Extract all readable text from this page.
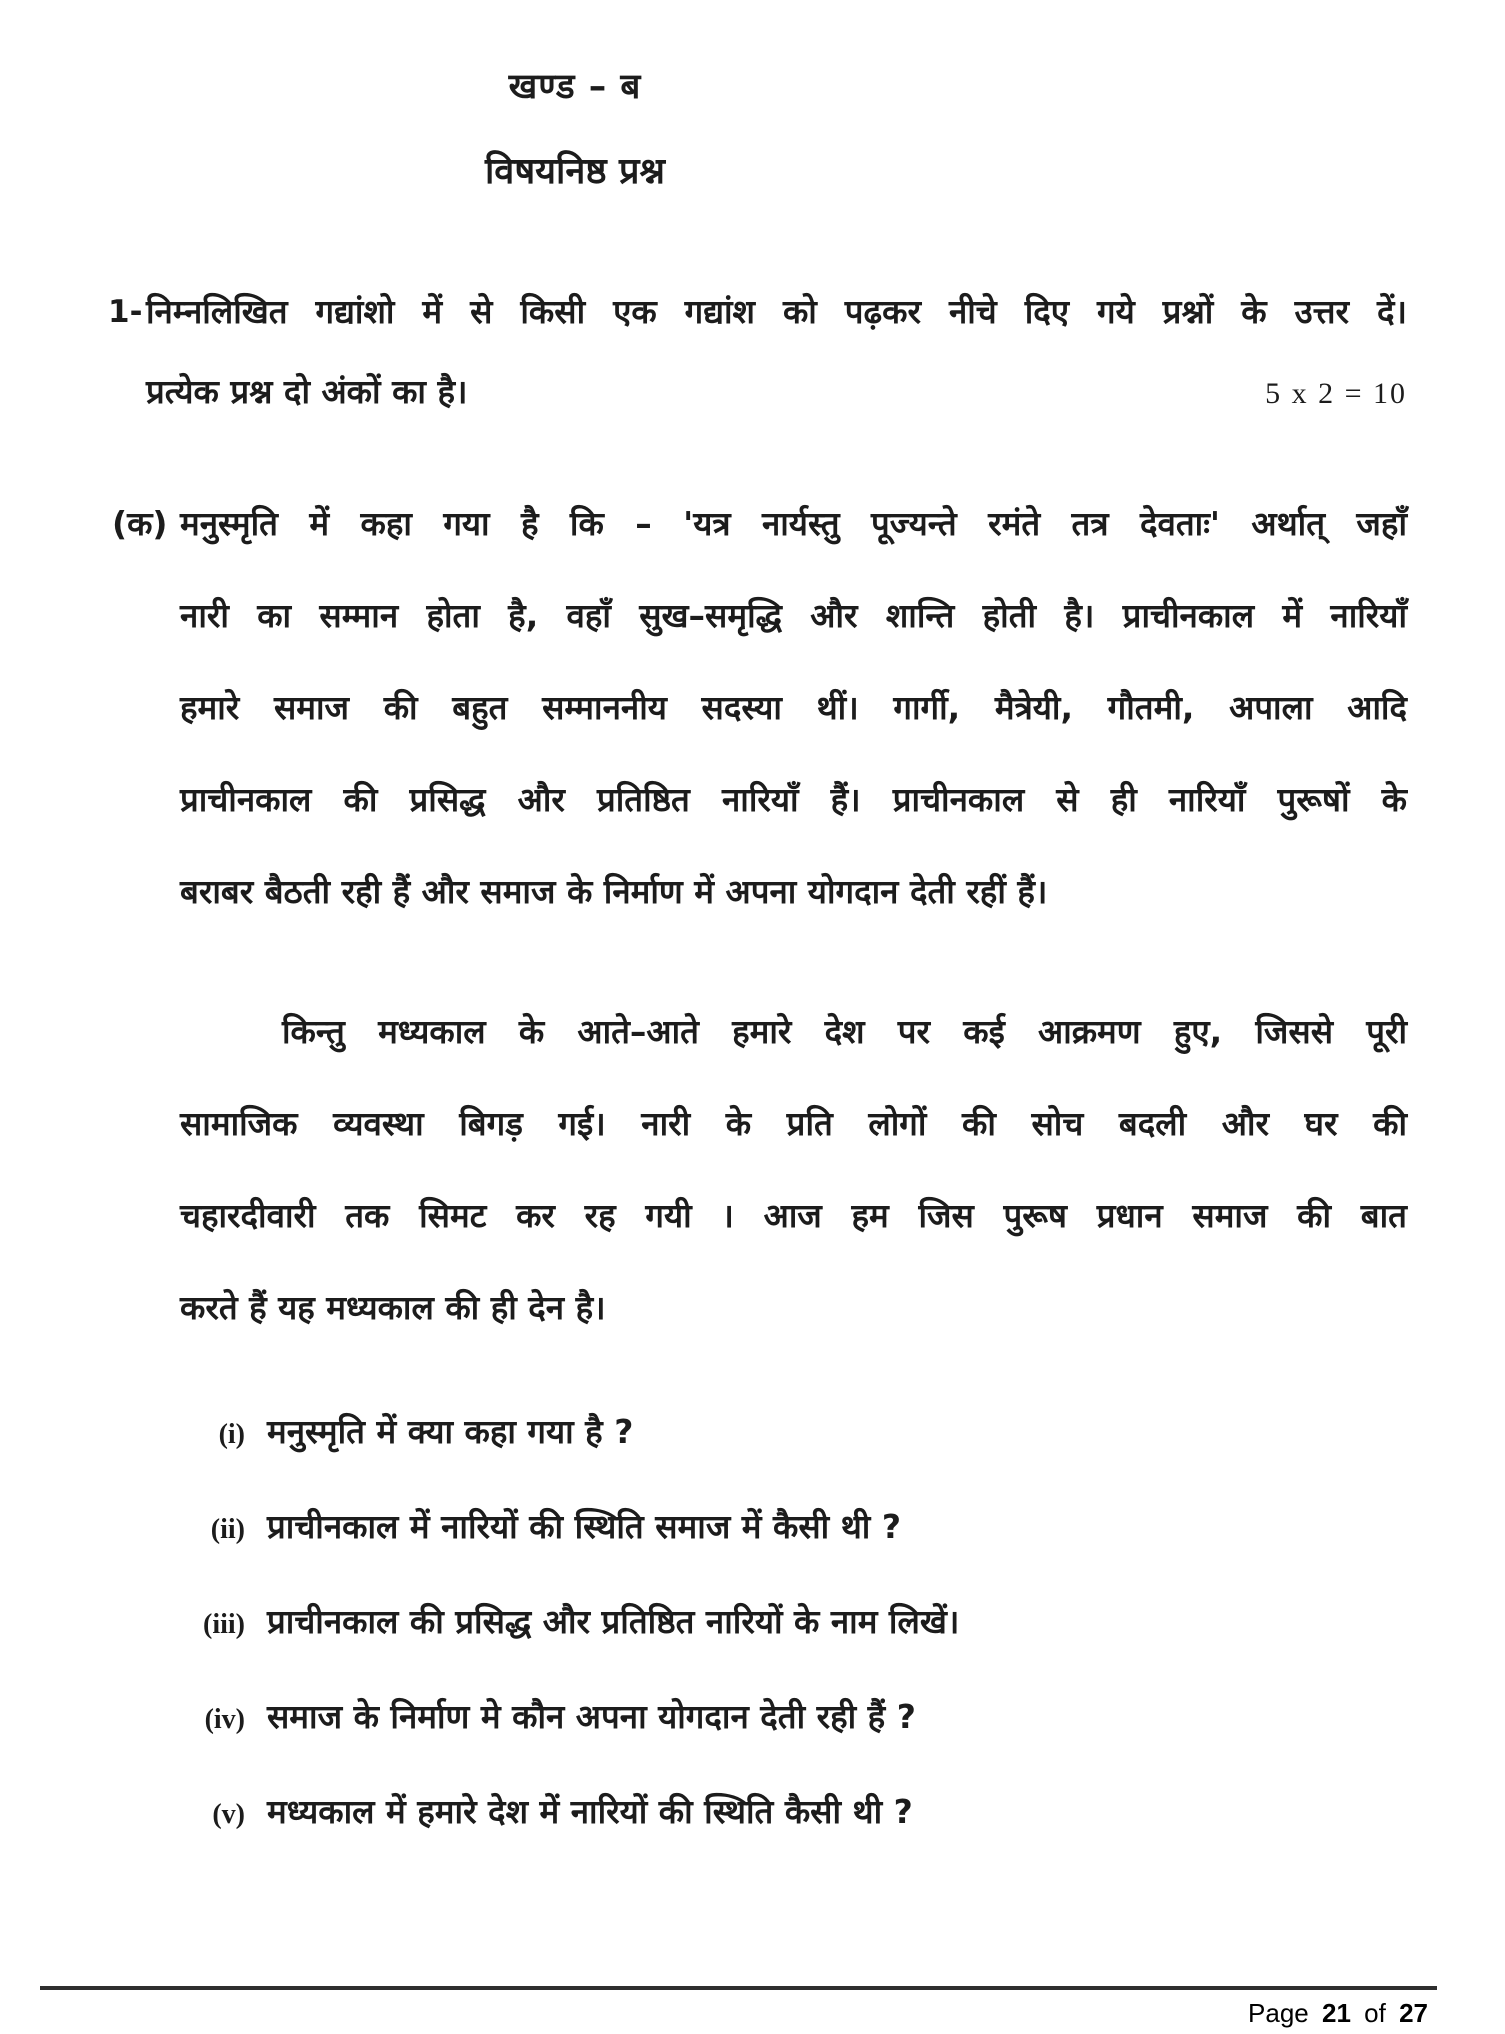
खण्ड – ब
विषयनिष्ठ प्रश्न
1- निम्नलिखित गद्यांशो में से किसी एक गद्यांश को पढ़कर नीचे दिए गये प्रश्नों के उत्तर दें।
प्रत्येक प्रश्न दो अंकों का है।	5 x 2 = 10
(क) मनुस्मृति में कहा गया है कि – 'यत्र नार्यस्तु पूज्यन्ते रमंते तत्र देवताः' अर्थात् जहाँ
नारी का सम्मान होता है, वहाँ सुख–समृद्धि और शान्ति होती है। प्राचीनकाल में नारियाँ
हमारे समाज की बहुत सम्माननीय सदस्या थीं। गार्गी, मैत्रेयी, गौतमी, अपाला आदि
प्राचीनकाल की प्रसिद्ध और प्रतिष्ठित नारियाँ हैं। प्राचीनकाल से ही नारियाँ पुरूषों के
बराबर बैठती रही हैं और समाज के निर्माण में अपना योगदान देती रहीं हैं।
किन्तु मध्यकाल के आते–आते हमारे देश पर कई आक्रमण हुए, जिससे पूरी
सामाजिक व्यवस्था बिगड़ गई। नारी के प्रति लोगों की सोच बदली और घर की
चहारदीवारी तक सिमट कर रह गयी । आज हम जिस पुरूष प्रधान समाज की बात
करते हैं यह मध्यकाल की ही देन है।
(i) मनुस्मृति में क्या कहा गया है ?
(ii) प्राचीनकाल में नारियों की स्थिति समाज में कैसी थी ?
(iii) प्राचीनकाल की प्रसिद्ध और प्रतिष्ठित नारियों के नाम लिखें।
(iv) समाज के निर्माण मे कौन अपना योगदान देती रही हैं ?
(v) मध्यकाल में हमारे देश में नारियों की स्थिति कैसी थी ?
Page 21 of 27
